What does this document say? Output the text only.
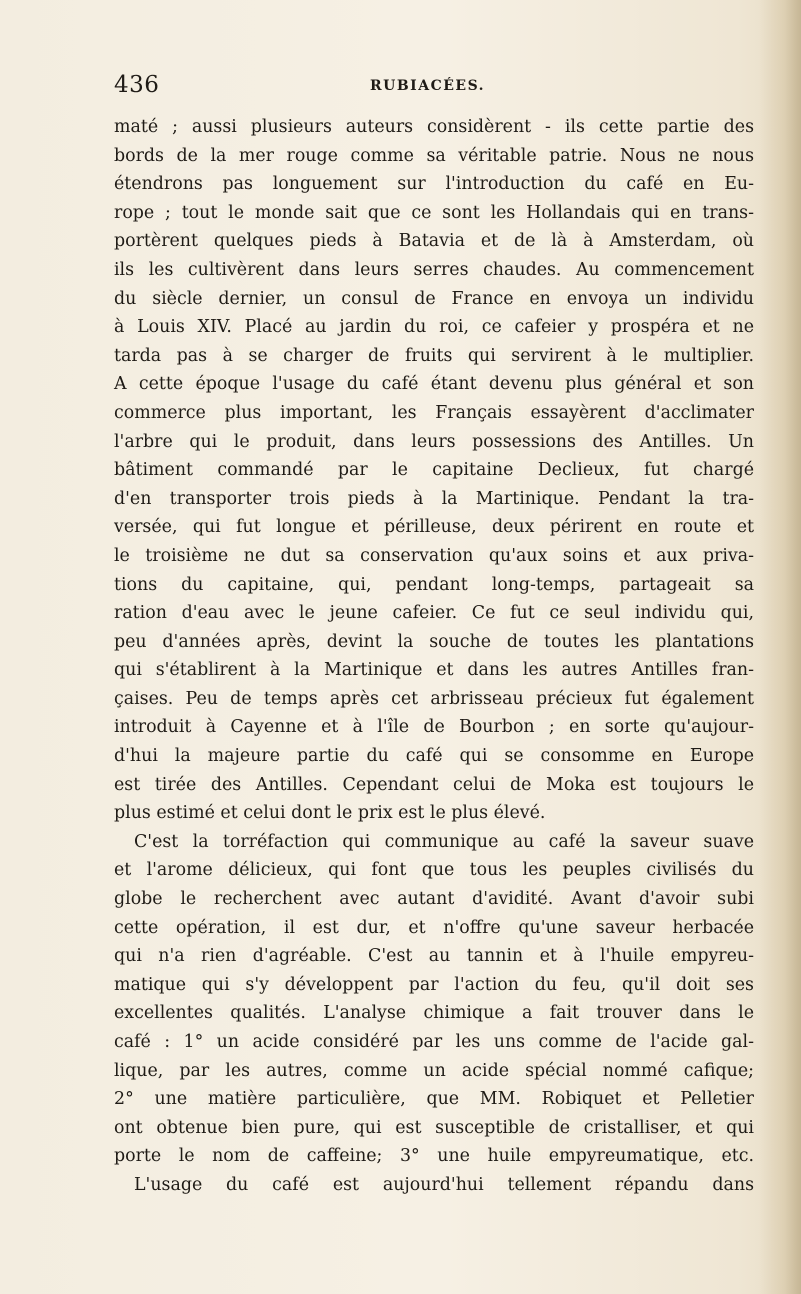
436	RUBIACÉES.
maté ; aussi plusieurs auteurs considèrent - ils cette partie des
bords de la mer rouge comme sa véritable patrie. Nous ne nous
étendrons pas longuement sur l'introduction du café en Eu-
rope ; tout le monde sait que ce sont les Hollandais qui en trans-
portèrent quelques pieds à Batavia et de là à Amsterdam, où
ils les cultivèrent dans leurs serres chaudes. Au commencement
du siècle dernier, un consul de France en envoya un individu
à Louis XIV. Placé au jardin du roi, ce cafeier y prospéra et ne
tarda pas à se charger de fruits qui servirent à le multiplier.
A cette époque l'usage du café étant devenu plus général et son
commerce plus important, les Français essayèrent d'acclimater
l'arbre qui le produit, dans leurs possessions des Antilles. Un
bâtiment commandé par le capitaine Declieux, fut chargé
d'en transporter trois pieds à la Martinique. Pendant la tra-
versée, qui fut longue et périlleuse, deux périrent en route et
le troisième ne dut sa conservation qu'aux soins et aux priva-
tions du capitaine, qui, pendant long-temps, partageait sa
ration d'eau avec le jeune cafeier. Ce fut ce seul individu qui,
peu d'années après, devint la souche de toutes les plantations
qui s'établirent à la Martinique et dans les autres Antilles fran-
çaises. Peu de temps après cet arbrisseau précieux fut également
introduit à Cayenne et à l'île de Bourbon ; en sorte qu'aujour-
d'hui la majeure partie du café qui se consomme en Europe
est tirée des Antilles. Cependant celui de Moka est toujours le
plus estimé et celui dont le prix est le plus élevé.
C'est la torréfaction qui communique au café la saveur suave
et l'arome délicieux, qui font que tous les peuples civilisés du
globe le recherchent avec autant d'avidité. Avant d'avoir subi
cette opération, il est dur, et n'offre qu'une saveur herbacée
qui n'a rien d'agréable. C'est au tannin et à l'huile empyreu-
matique qui s'y développent par l'action du feu, qu'il doit ses
excellentes qualités. L'analyse chimique a fait trouver dans le
café : 1° un acide considéré par les uns comme de l'acide gal-
lique, par les autres, comme un acide spécial nommé cafique;
2° une matière particulière, que MM. Robiquet et Pelletier
ont obtenue bien pure, qui est susceptible de cristalliser, et qui
porte le nom de caffeine; 3° une huile empyreumatique, etc.
L'usage du café est aujourd'hui tellement répandu dans
